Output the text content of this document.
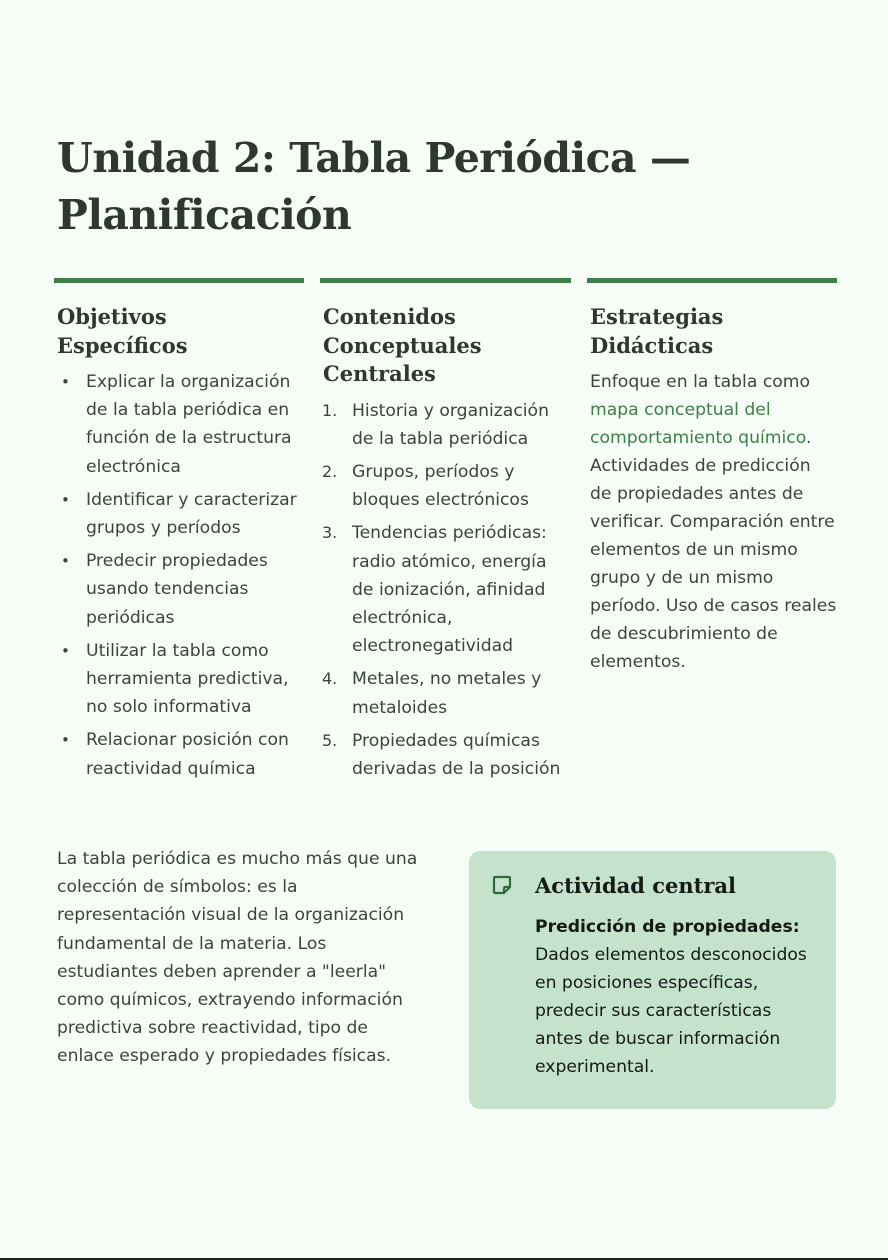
Unidad 2: Tabla Periódica — Planificación
Objetivos
Específicos
• Explicar la organización de la tabla periódica en función de la estructura electrónica
• Identificar y caracterizar grupos y períodos
• Predecir propiedades usando tendencias periódicas
• Utilizar la tabla como herramienta predictiva, no solo informativa
• Relacionar posición con reactividad química
Contenidos
Conceptuales
Centrales
1. Historia y organización de la tabla periódica
2. Grupos, períodos y bloques electrónicos
3. Tendencias periódicas: radio atómico, energía de ionización, afinidad electrónica, electronegatividad
4. Metales, no metales y metaloides
5. Propiedades químicas derivadas de la posición
Estrategias
Didácticas

Enfoque en la tabla como mapa conceptual del comportamiento químico. Actividades de predicción de propiedades antes de verificar. Comparación entre elementos de un mismo grupo y de un mismo período. Uso de casos reales de descubrimiento de elementos.

La tabla periódica es mucho más que una colección de símbolos: es la representación visual de la organización fundamental de la materia. Los estudiantes deben aprender a "leerla" como químicos, extrayendo información predictiva sobre reactividad, tipo de enlace esperado y propiedades físicas.

Actividad central

Predicción de propiedades:
Dados elementos desconocidos en posiciones específicas, predecir sus características antes de buscar información experimental.
